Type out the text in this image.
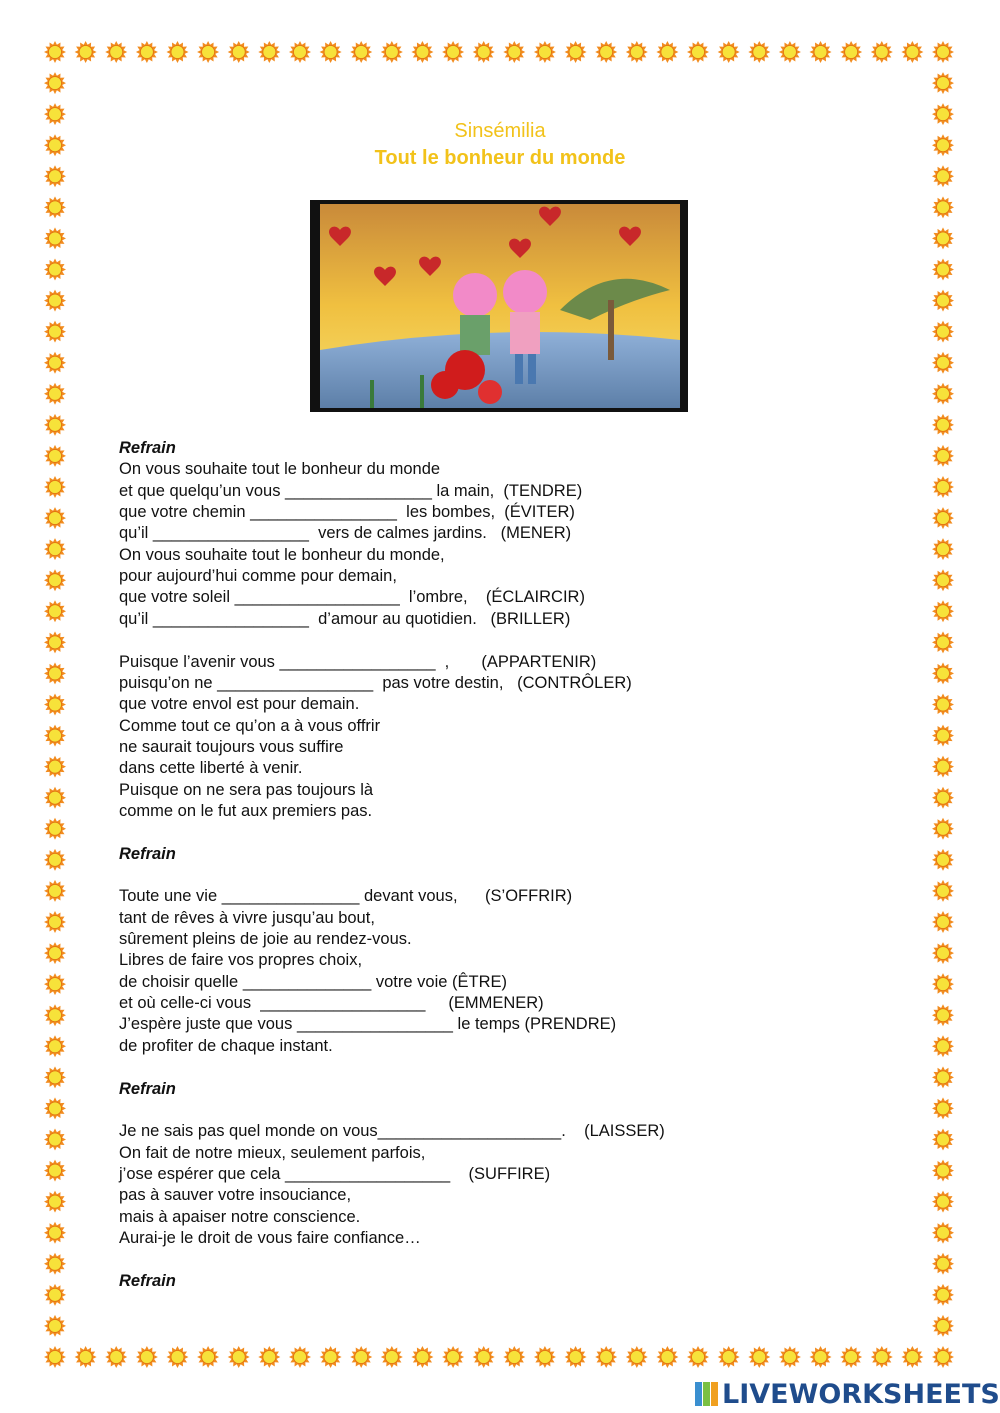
Sinsémilia
Tout le bonheur du monde
Refrain
On vous souhaite tout le bonheur du monde
et que quelqu’un vous ________________ la main,  (TENDRE)
que votre chemin ________________  les bombes,  (ÉVITER)
qu’il _________________  vers de calmes jardins.   (MENER)
On vous souhaite tout le bonheur du monde,
pour aujourd’hui comme pour demain,
que votre soleil __________________  l’ombre,    (ÉCLAIRCIR)
qu’il _________________  d’amour au quotidien.   (BRILLER)
Puisque l’avenir vous _________________  ,       (APPARTENIR)
puisqu’on ne _________________  pas votre destin,   (CONTRÔLER)
que votre envol est pour demain.
Comme tout ce qu’on a à vous offrir
ne saurait toujours vous suffire
dans cette liberté à venir.
Puisque on ne sera pas toujours là
comme on le fut aux premiers pas.
Refrain
Toute une vie _______________ devant vous,      (S’OFFRIR)
tant de rêves à vivre jusqu’au bout,
sûrement pleins de joie au rendez-vous.
Libres de faire vos propres choix,
de choisir quelle ______________ votre voie (ÊTRE)
et où celle-ci vous  __________________     (EMMENER)
J’espère juste que vous _________________ le temps (PRENDRE)
de profiter de chaque instant.
Refrain
Je ne sais pas quel monde on vous____________________.    (LAISSER)
On fait de notre mieux, seulement parfois,
j’ose espérer que cela __________________    (SUFFIRE)
pas à sauver votre insouciance,
mais à apaiser notre conscience.
Aurai-je le droit de vous faire confiance…
Refrain
LIVEWORKSHEETS
